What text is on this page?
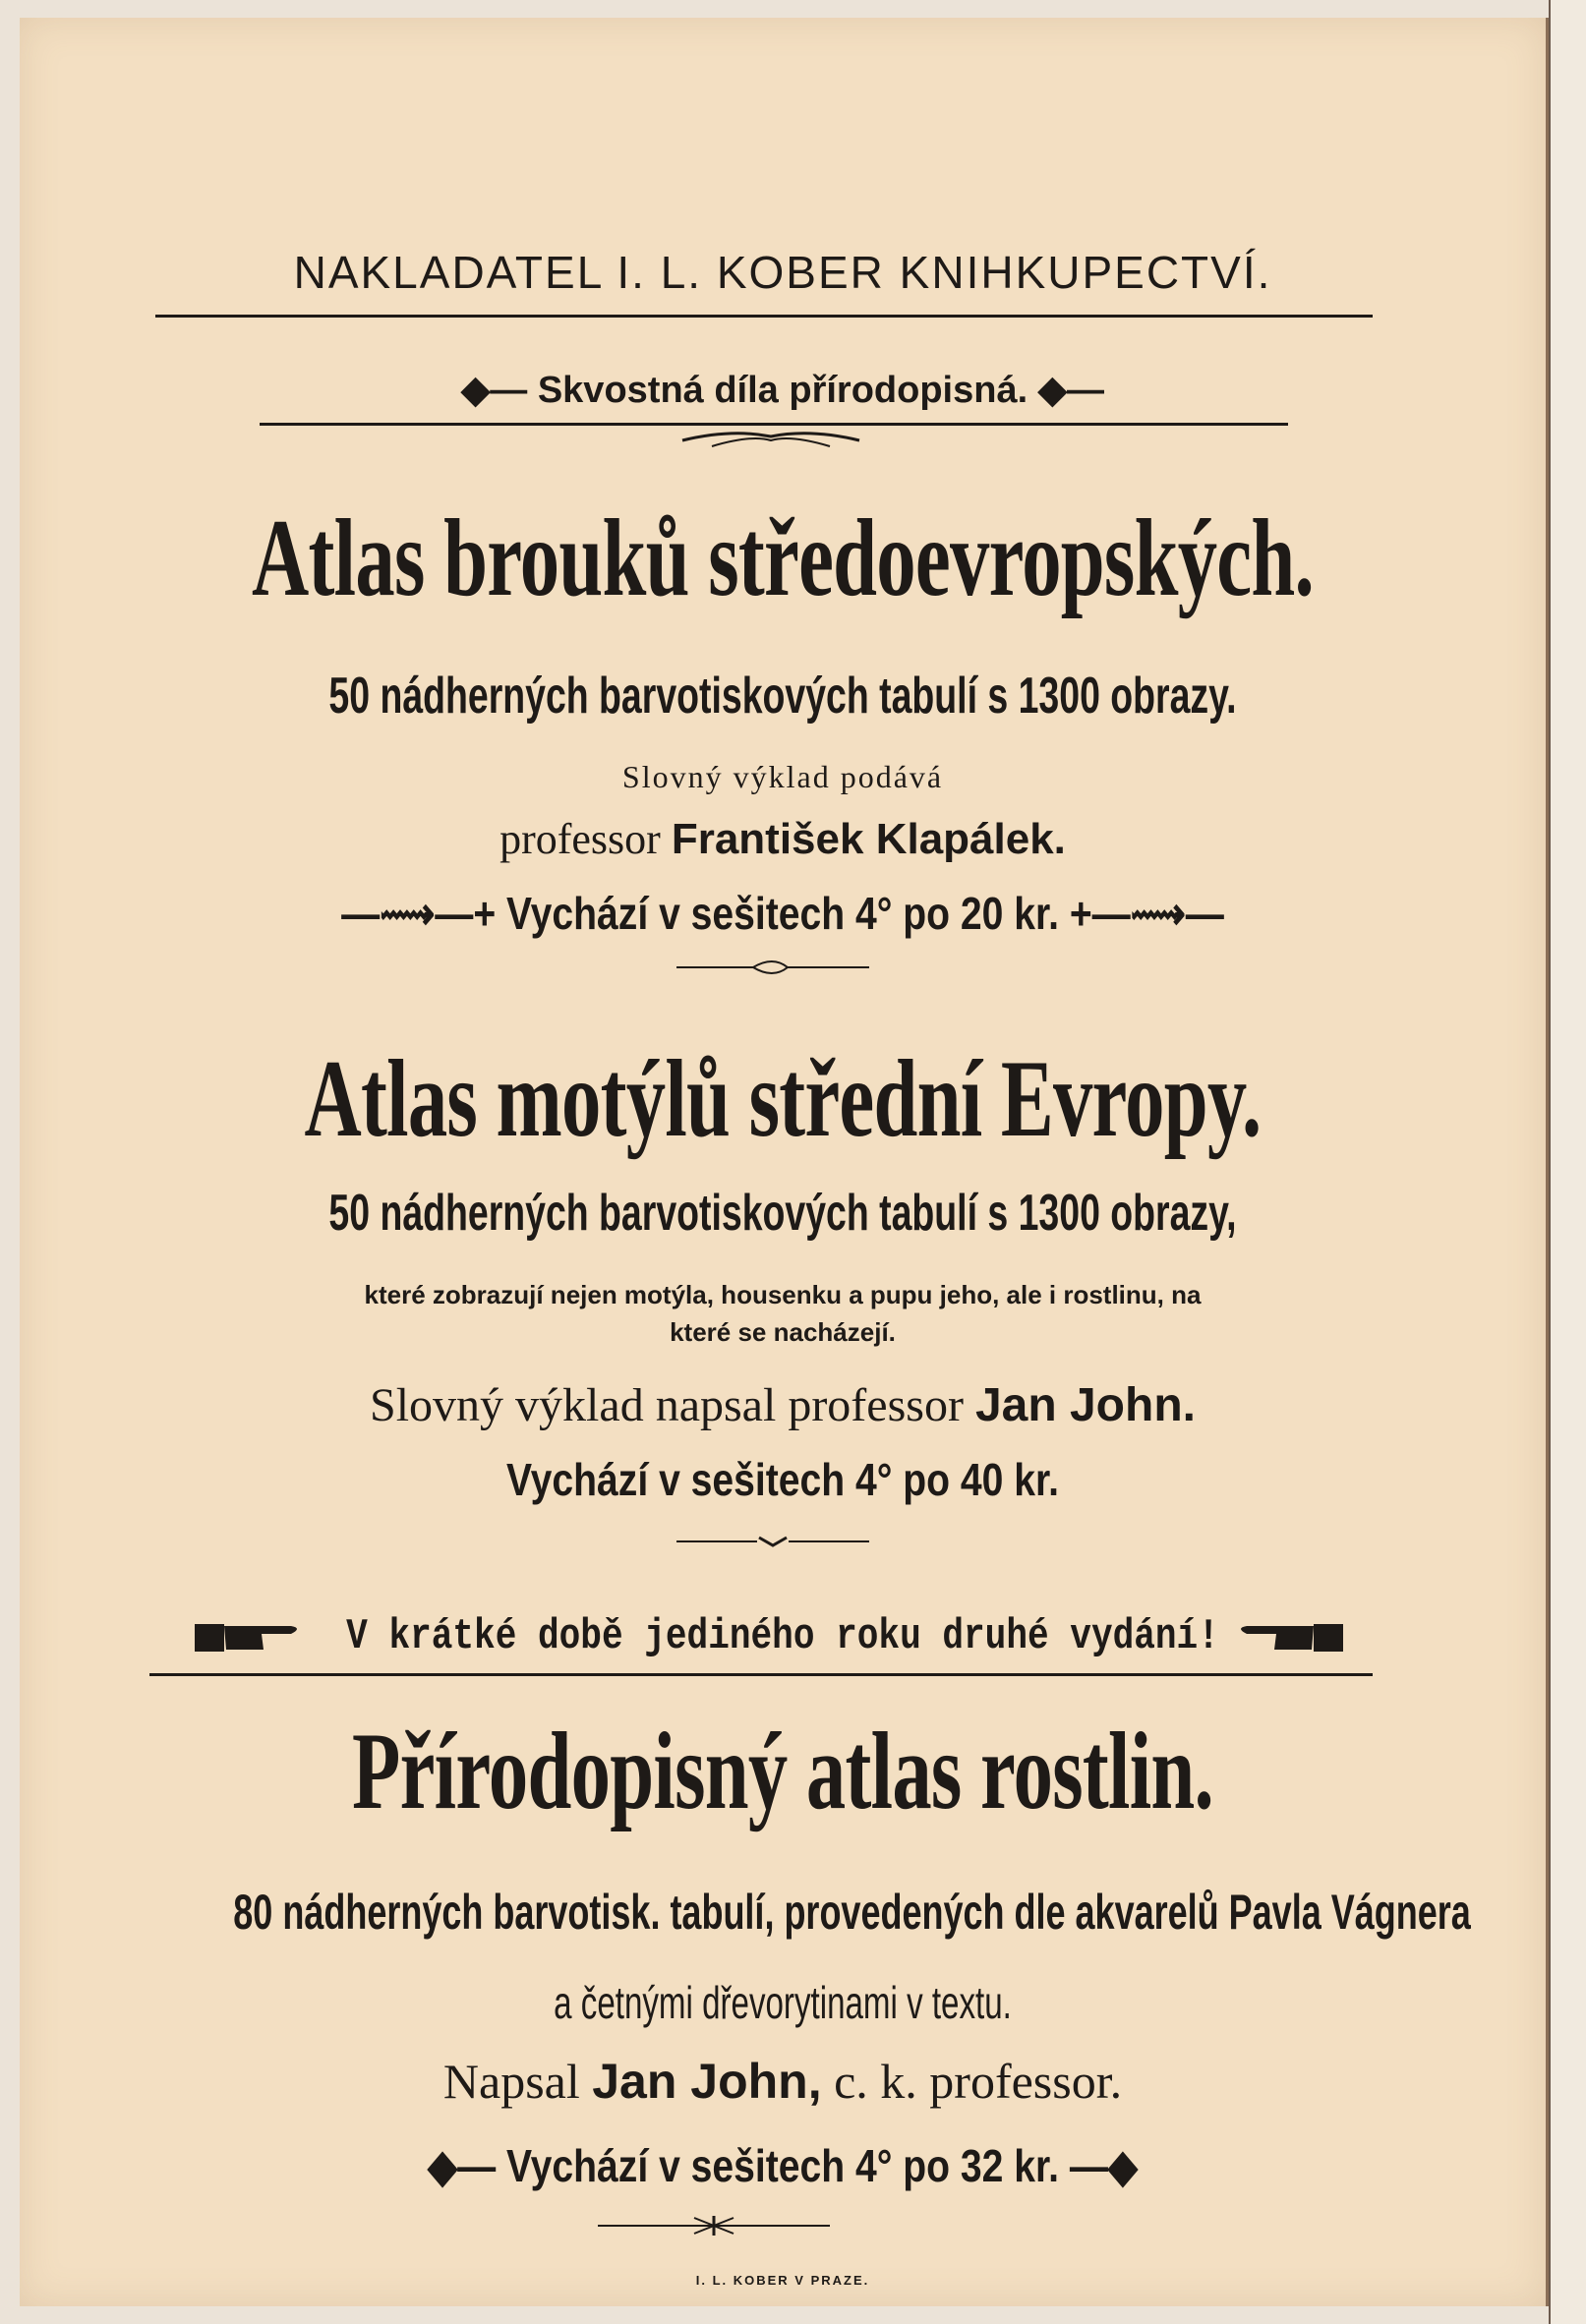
NAKLADATEL I. L. KOBER KNIHKUPECTVÍ.
◆— Skvostná díla přírodopisná. ◆—
Atlas brouků středoevropských.
50 nádherných barvotiskových tabulí s 1300 obrazy.
Slovný výklad podává
professor František Klapálek.
—⟿—+ Vychází v sešitech 4° po 20 kr. +—⟿—
Atlas motýlů střední Evropy.
50 nádherných barvotiskových tabulí s 1300 obrazy,
které zobrazují nejen motýla, housenku a pupu jeho, ale i rostlinu, na
které se nacházejí.
Slovný výklad napsal professor Jan John.
Vychází v sešitech 4° po 40 kr.
V krátké době jediného roku druhé vydání!
Přírodopisný atlas rostlin.
80 nádherných barvotisk. tabulí, provedených dle akvarelů Pavla Vágnera
a četnými dřevorytinami v textu.
Napsal Jan John, c. k. professor.
◆— Vychází v sešitech 4° po 32 kr. —◆
I. L. KOBER V PRAZE.
